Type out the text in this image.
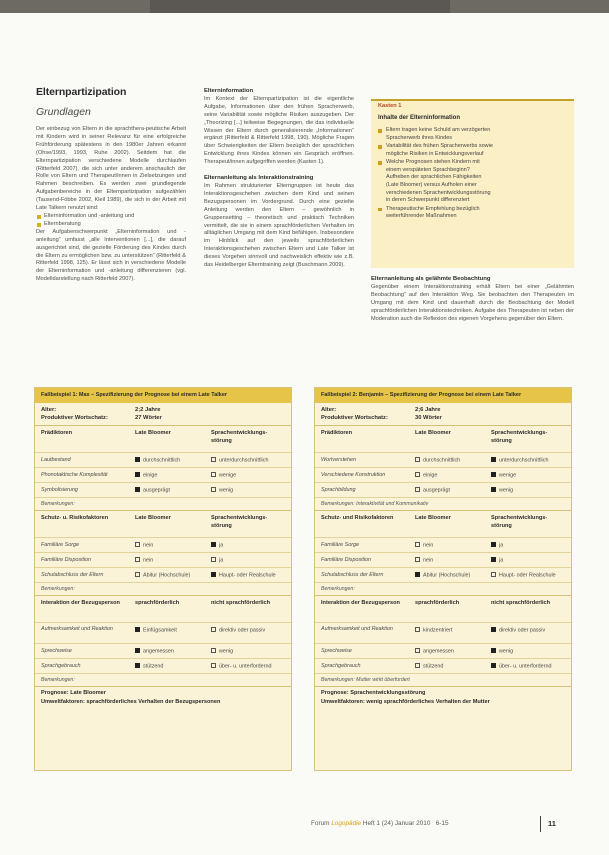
Elternpartizipation
Grundlagen

Der einbezug von Eltern in die sprachthera-peutische Arbeit mit Kindern wird in seiner Relevanz für eine erfolgreiche Frühförderung spätestens in den 1980er Jahren erkannt (Ohse/1993, 1993, Ruhe 2002). Seitdem hat die Elternpartizipation verschiedene Modelle durchlaufen (Ritterfeld 2007), die sich unter anderem anschaulich der Rolle von Eltern und Therapeut/innen in Zielsetzungen und Rahmen beschreiben. Es werden zwei grundlegende Aufgabenbereiche in der Elternpartizipation aufgezählen (Tausend-Föbbe 2002, Kleil 1989), die sich in der Arbeit mit Late Talkern renutzt sind:

Elterninformation und -anleitung und

Elternberatung

Der Aufgabenschwerpunkt „Elterninformation und -anleitung“ umfasst „alle Interventionen [...], die darauf ausgerichtet sind, die gezielte Förderung des Kindes durch die Eltern zu ermöglichen bzw. zu unterstützen“ (Ritterfeld & Ritterfeld 1998, 125). Er lässt sich in verschiedene Modelle der Elterninformation und -anleitung differenzieren (vgl. Modelldarstellung nach Ritterfeld 2007).

Elterninformation

Im Kontext der Elternpartizipation ist die eigentliche Aufgabe, Informationen über den frühen Spracherwerb, seine Variabilität sowie mögliche Risiken auszugeben. Der „Theorizing [...] teilweise Begegnungen, die das individuelle Wissen der Eltern durch generalisierende „Informationen“ ergänzt (Ritterfeld & Ritterfeld 1998, 190). Mögliche Fragen über Schwierigkeiten der Eltern bezüglich der sprachlichen Entwicklung ihres Kindes können ein Gespräch eröffnen. Therapeut/innen aufgegriffen werden (Kasten 1).

Elternanleitung als Interaktionstraining

Im Rahmen strukturierter Elterngruppen ist heute das Interaktionsgeschehen zwischen dem Kind und seinen Bezugspersonen im Vordergrund. Durch eine gezielte Anleitung werden den Eltern – gewöhnlich in Gruppensetting – theoretisch und praktisch Techniken vermittelt, die sie in einem sprachförderlichen Verhalten im alltäglichen Umgang mit dem Kind befähigen. Insbesondere im Hinblick auf den jeweils sprachförderlichen Interaktionsgeschehen zwischen Eltern und Late Talker ist dieses Vorgehen sinnvoll und nachweislich effektiv wie z.B. das Heidelberger Elterntraining zeigt (Buschmann 2009).

Kasten 1
Inhalte der Elterninformation
Eltern tragen keine Schuld am verzögerten Spracherwerb ihres Kindes
Variabilität des frühen Spracherwerbs sowie mögliche Risiken in Entwicklungsverlauf
Welche Prognosen stehen Kindern mit einem verspäteten Sprachbeginn? Aufheben der sprachlichen Fähigkeiten (Late Bloomer) versus Aufholen einer verschiedenen Sprachentwicklungsstörung in deren Schwerpunkt differenziert
Therapeutische Empfehlung bezüglich weiterführender Maßnahmen

Elternanleitung als gelähmte Beobachtung

Gegenüber einem Interaktionstraining erhält Eltern bei einer „Gelähmten Beobachtung“ auf den Interaktion Weg. Sie beobachten den Therapeuten im Umgang mit dem Kind und dauerhaft durch die Beobachtung der Modell sprachförderlichen Interaktionstechniken. Aufgabe des Therapeuten ist neben der Moderation auch die Reflexion des eigenen Vorgehens gegenüber den Eltern.

Fallbeispiel 1: Max – Spezifizierung der Prognose bei einem Late Talker
Alter:	2;2 Jahre
Produktiver Wortschatz:	27 Wörter
Prädiktoren	Late Bloomer	Sprachentwicklungs-störung
Lautbestand	durchschnittlich	unterdurchschnittlich
Phonotaktische Komplexität	einige	wenige
Symbolisierung	ausgeprägt	wenig
Bemerkungen:
Schutz- u. Risikofaktoren	Late Bloomer	Sprachentwicklungs-störung
Familiäre Sorge	nein	ja
Familiäre Disposition	nein	ja
Schulabschluss der Eltern	Abitur (Hochschule)	Haupt- oder Realschule
Bemerkungen:
Interaktion der Bezugsperson	sprachförderlich	nicht sprachförderlich
Aufmerksamkeit und Reaktion	Einfügsamkeit	direktiv oder passiv
Sprechweise	angemessen	wenig
Sprachgebrauch	stützend	über- u. unterfordernd
Bemerkungen:
Prognose: Late Bloomer
Umweltfaktoren: sprachförderliches Verhalten der Bezugspersonen
Fallbeispiel 2: Benjamin – Spezifizierung der Prognose bei einem Late Talker
Alter:	2;6 Jahre
Produktiver Wortschatz:	30 Wörter
Prädiktoren	Late Bloomer	Sprachentwicklungs-störung
Wortverstehen	durchschnittlich	unterdurchschnittlich
Verschiedene Konstruktion	einige	wenige
Sprachbildung	ausgeprägt	wenig
Bemerkungen: Interaktivität und Kommunikativ
Schutz- und Risikofaktoren	Late Bloomer	Sprachentwicklungs-störung
Familiäre Sorge	nein	ja
Familiäre Disposition	nein	ja
Schulabschluss der Eltern	Abitur (Hochschule)	Haupt- oder Realschule
Bemerkungen:
Interaktion der Bezugsperson	sprachförderlich	nicht sprachförderlich
Aufmerksamkeit und Reaktion	kindzentriert	direktiv oder passiv
Sprechweise	angemessen	wenig
Sprachgebrauch	stützend	über- u. unterfordernd
Bemerkungen: Mutter wirkt überfordert
Prognose: Sprachentwicklungsstörung
Umweltfaktoren: wenig sprachförderliches Verhalten der Mutter
Forum Logopädie Heft 1 (24) Januar 2010 6-15	11
